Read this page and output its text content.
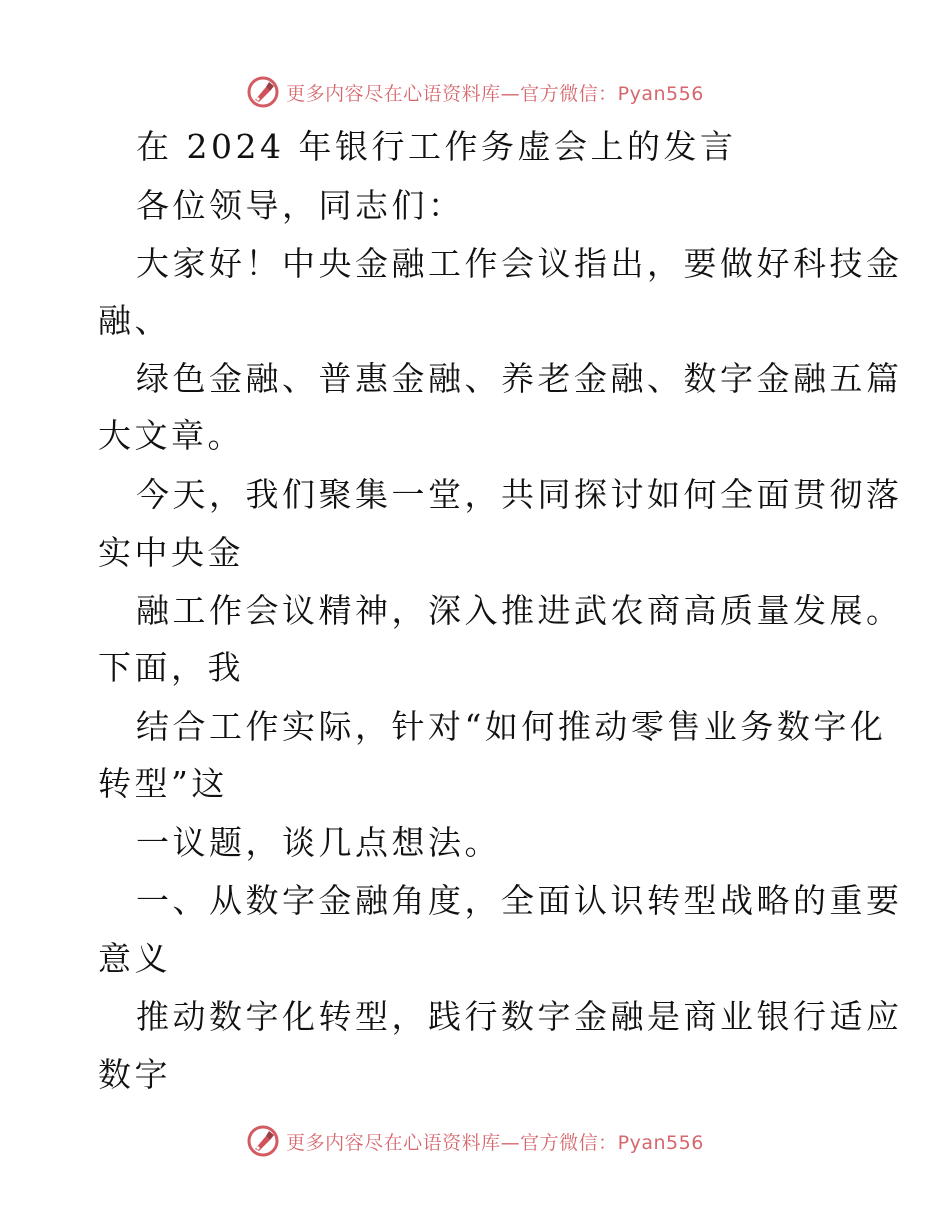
更多内容尽在心语资料库—官方微信：Pyan556
在 2024 年银行工作务虚会上的发言
各位领导，同志们：
大家好！中央金融工作会议指出，要做好科技金
融、
绿色金融、普惠金融、养老金融、数字金融五篇
大文章。
今天，我们聚集一堂，共同探讨如何全面贯彻落
实中央金
融工作会议精神，深入推进武农商高质量发展。
下面，我
结合工作实际，针对“如何推动零售业务数字化
转型”这
一议题，谈几点想法。
一、从数字金融角度，全面认识转型战略的重要
意义
推动数字化转型，践行数字金融是商业银行适应
数字
更多内容尽在心语资料库—官方微信：Pyan556
